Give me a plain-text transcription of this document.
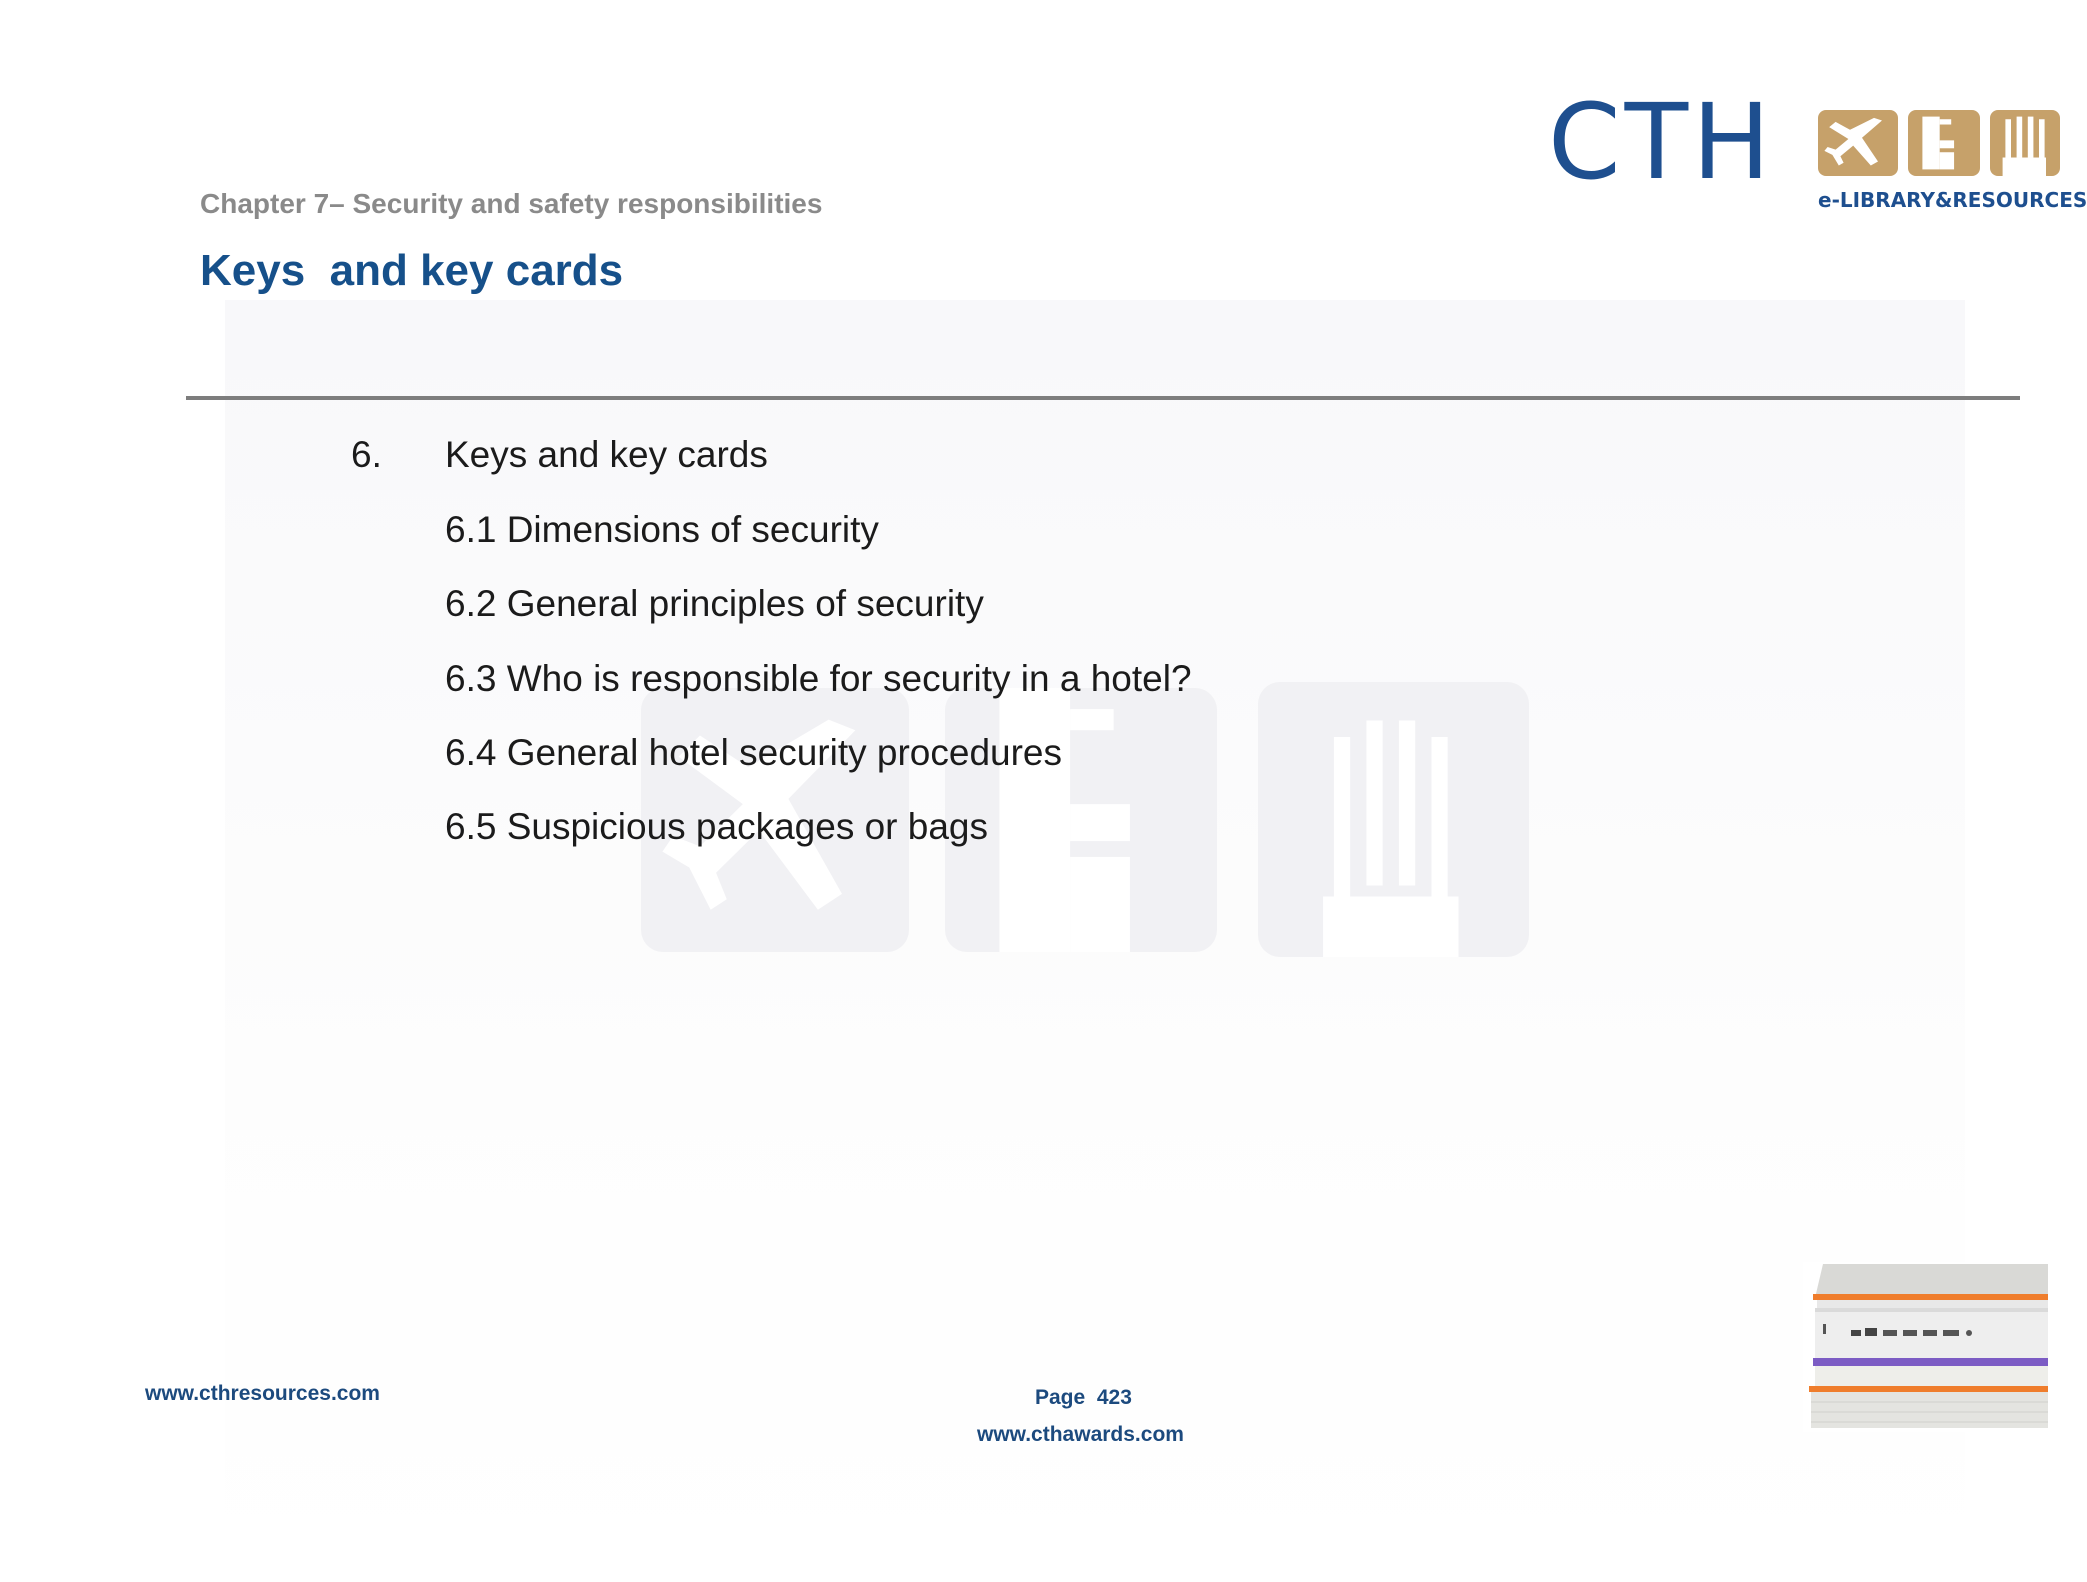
Chapter 7– Security and safety responsibilities
Keys  and key cards
CTH e-LIBRARY&RESOURCES
6. Keys and key cards
6.1 Dimensions of security
6.2 General principles of security
6.3 Who is responsible for security in a hotel?
6.4 General hotel security procedures
6.5 Suspicious packages or bags
www.cthresources.com	Page  423
www.cthawards.com
